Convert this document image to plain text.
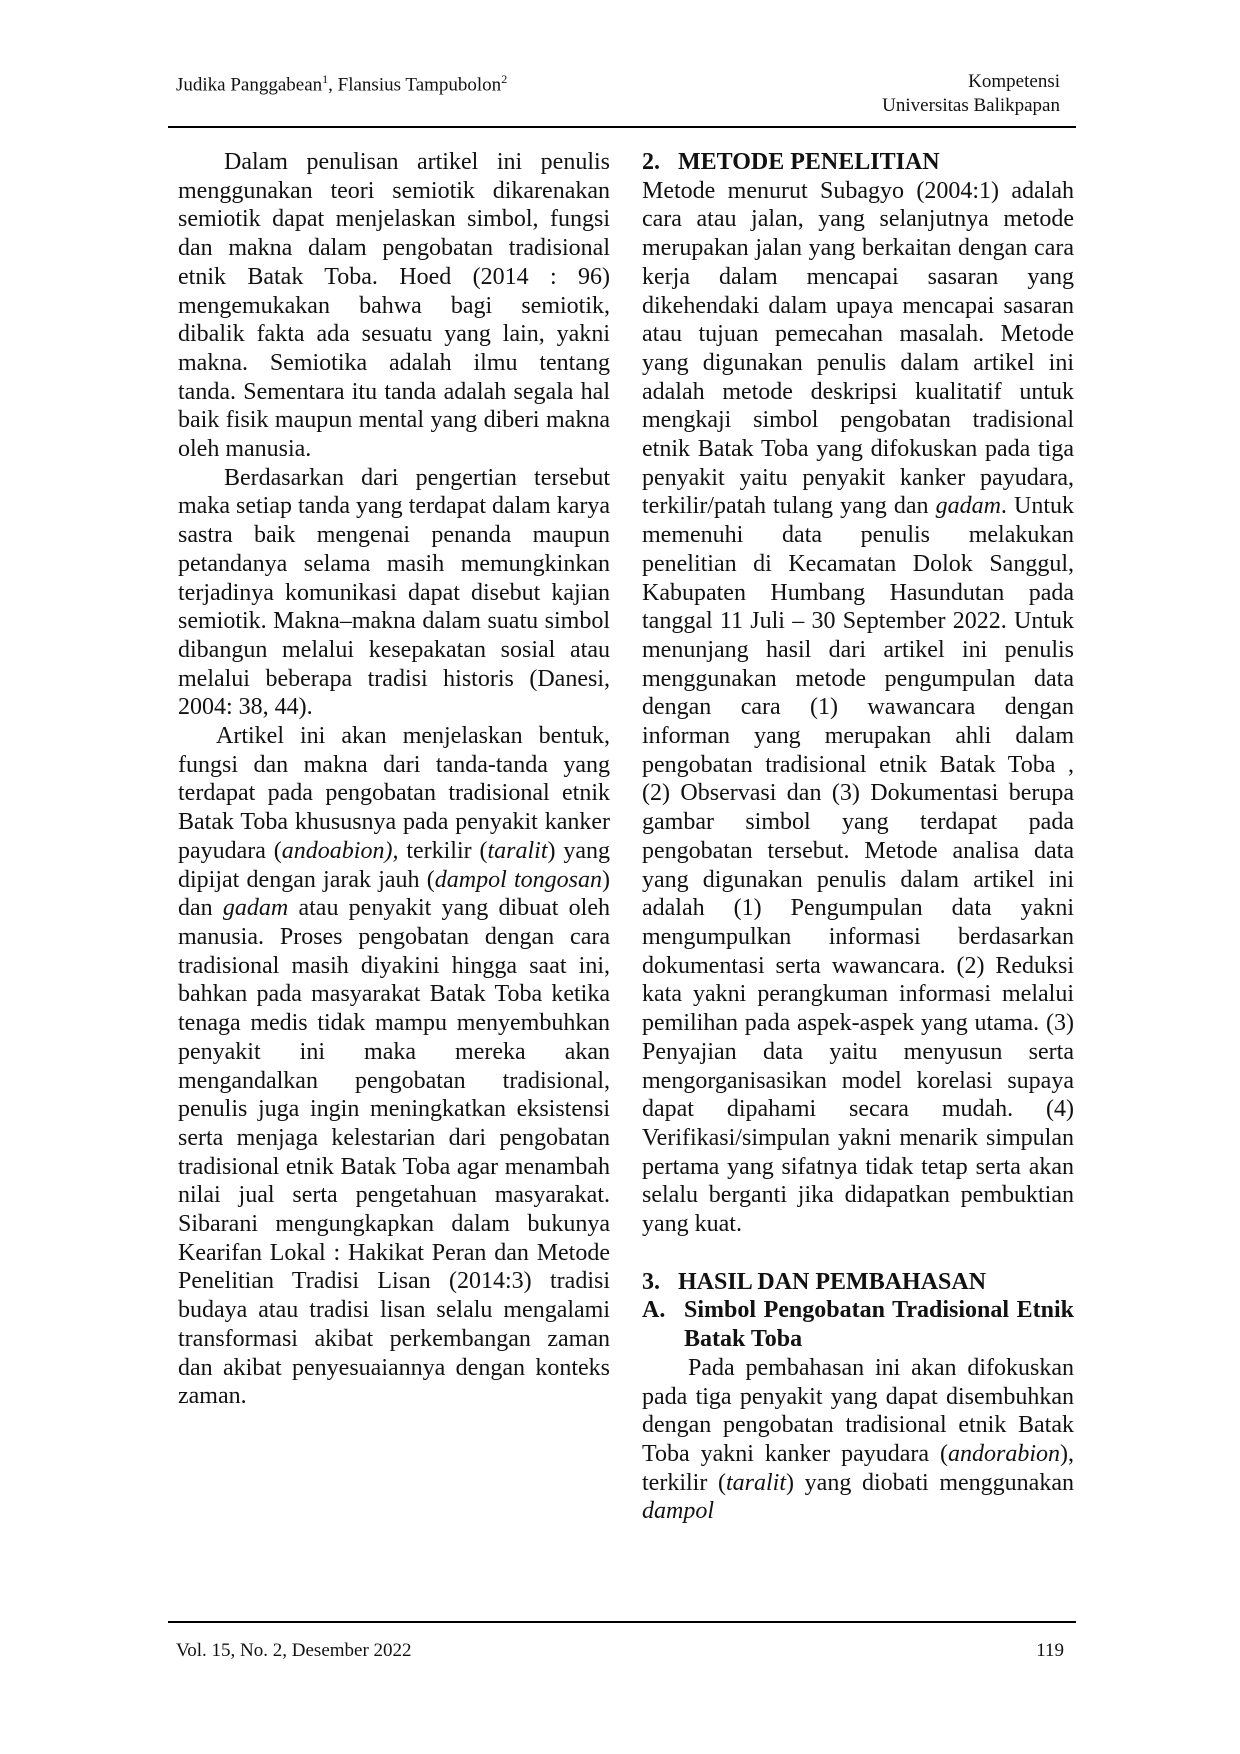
Judika Panggabean$^1$, Flansius Tampubolon$^2$	Kompetensi
Universitas Balikpapan

Dalam penulisan artikel ini penulis menggunakan teori semiotik dikarenakan semiotik dapat menjelaskan simbol, fungsi dan makna dalam pengobatan tradisional etnik Batak Toba. Hoed (2014 : 96) mengemukakan bahwa bagi semiotik, dibalik fakta ada sesuatu yang lain, yakni makna. Semiotika adalah ilmu tentang tanda. Sementara itu tanda adalah segala hal baik fisik maupun mental yang diberi makna oleh manusia.

Berdasarkan dari pengertian tersebut maka setiap tanda yang terdapat dalam karya sastra baik mengenai penanda maupun petandanya selama masih memungkinkan terjadinya komunikasi dapat disebut kajian semiotik. Makna–makna dalam suatu simbol dibangun melalui kesepakatan sosial atau melalui beberapa tradisi historis (Danesi, 2004: 38, 44).

Artikel ini akan menjelaskan bentuk, fungsi dan makna dari tanda-tanda yang terdapat pada pengobatan tradisional etnik Batak Toba khususnya pada penyakit kanker payudara (andoabion), terkilir (taralit) yang dipijat dengan jarak jauh (dampol tongosan) dan gadam atau penyakit yang dibuat oleh manusia. Proses pengobatan dengan cara tradisional masih diyakini hingga saat ini, bahkan pada masyarakat Batak Toba ketika tenaga medis tidak mampu menyembuhkan penyakit ini maka mereka akan mengandalkan pengobatan tradisional, penulis juga ingin meningkatkan eksistensi serta menjaga kelestarian dari pengobatan tradisional etnik Batak Toba agar menambah nilai jual serta pengetahuan masyarakat. Sibarani mengungkapkan dalam bukunya Kearifan Lokal : Hakikat Peran dan Metode Penelitian Tradisi Lisan (2014:3) tradisi budaya atau tradisi lisan selalu mengalami transformasi akibat perkembangan zaman dan akibat penyesuaiannya dengan konteks zaman.

2.   METODE PENELITIAN

Metode menurut Subagyo (2004:1) adalah cara atau jalan, yang selanjutnya metode merupakan jalan yang berkaitan dengan cara kerja dalam mencapai sasaran yang dikehendaki dalam upaya mencapai sasaran atau tujuan pemecahan masalah. Metode yang digunakan penulis dalam artikel ini adalah metode deskripsi kualitatif untuk mengkaji simbol pengobatan tradisional etnik Batak Toba yang difokuskan pada tiga penyakit yaitu penyakit kanker payudara, terkilir/patah tulang yang dan gadam. Untuk memenuhi data penulis melakukan penelitian di Kecamatan Dolok Sanggul, Kabupaten Humbang Hasundutan pada tanggal 11 Juli – 30 September 2022. Untuk menunjang hasil dari artikel ini penulis menggunakan metode pengumpulan data dengan cara (1) wawancara dengan informan yang merupakan ahli dalam pengobatan tradisional etnik Batak Toba , (2) Observasi dan (3) Dokumentasi berupa gambar simbol yang terdapat pada pengobatan tersebut. Metode analisa data yang digunakan penulis dalam artikel ini adalah (1) Pengumpulan data yakni mengumpulkan informasi berdasarkan dokumentasi serta wawancara. (2) Reduksi kata yakni perangkuman informasi melalui pemilihan pada aspek-aspek yang utama. (3) Penyajian data yaitu menyusun serta mengorganisasikan model korelasi supaya dapat dipahami secara mudah. (4) Verifikasi/simpulan yakni menarik simpulan pertama yang sifatnya tidak tetap serta akan selalu berganti jika didapatkan pembuktian yang kuat.

3.   HASIL DAN PEMBAHASAN

A. Simbol Pengobatan Tradisional Etnik Batak Toba

Pada pembahasan ini akan difokuskan pada tiga penyakit yang dapat disembuhkan dengan pengobatan tradisional etnik Batak Toba yakni kanker payudara (andorabion), terkilir (taralit) yang diobati menggunakan dampol

Vol. 15, No. 2, Desember 2022	119
